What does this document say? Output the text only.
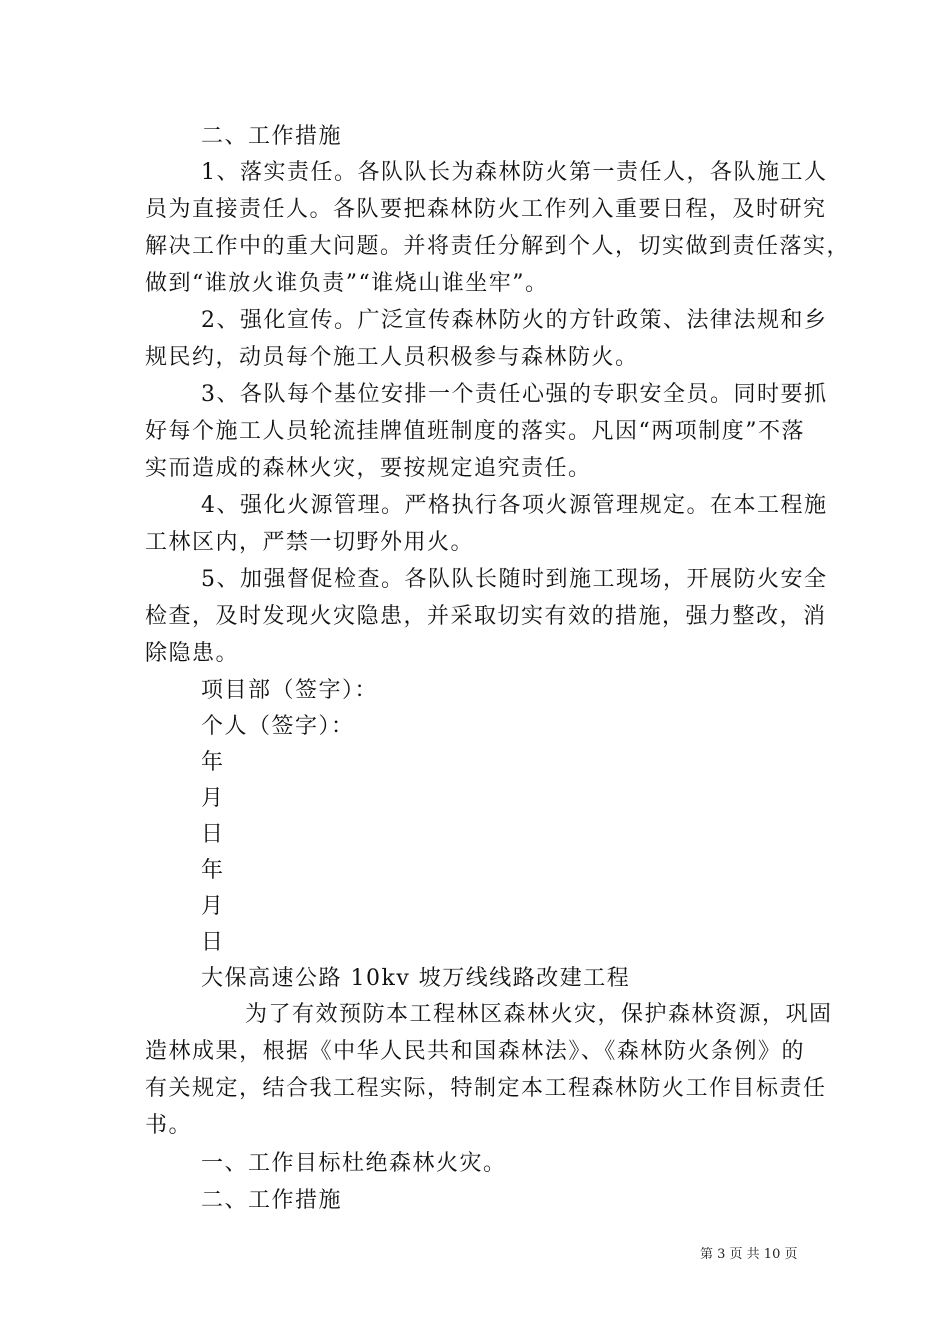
二、工作措施
1、落实责任。各队队长为森林防火第一责任人，各队施工人
员为直接责任人。各队要把森林防火工作列入重要日程，及时研究
解决工作中的重大问题。并将责任分解到个人，切实做到责任落实，
做到“谁放火谁负责”“谁烧山谁坐牢”。
2、强化宣传。广泛宣传森林防火的方针政策、法律法规和乡
规民约，动员每个施工人员积极参与森林防火。
3、各队每个基位安排一个责任心强的专职安全员。同时要抓
好每个施工人员轮流挂牌值班制度的落实。凡因“两项制度”不落
实而造成的森林火灾，要按规定追究责任。
4、强化火源管理。严格执行各项火源管理规定。在本工程施
工林区内，严禁一切野外用火。
5、加强督促检查。各队队长随时到施工现场，开展防火安全
检查，及时发现火灾隐患，并采取切实有效的措施，强力整改，消
除隐患。
项目部（签字）：
个人（签字）：
年
月
日
年
月
日
大保高速公路 10kv 坡万线线路改建工程
为了有效预防本工程林区森林火灾，保护森林资源，巩固
造林成果，根据《中华人民共和国森林法》、《森林防火条例》的
有关规定，结合我工程实际，特制定本工程森林防火工作目标责任
书。
一、工作目标杜绝森林火灾。
二、工作措施
第 3 页 共 10 页
